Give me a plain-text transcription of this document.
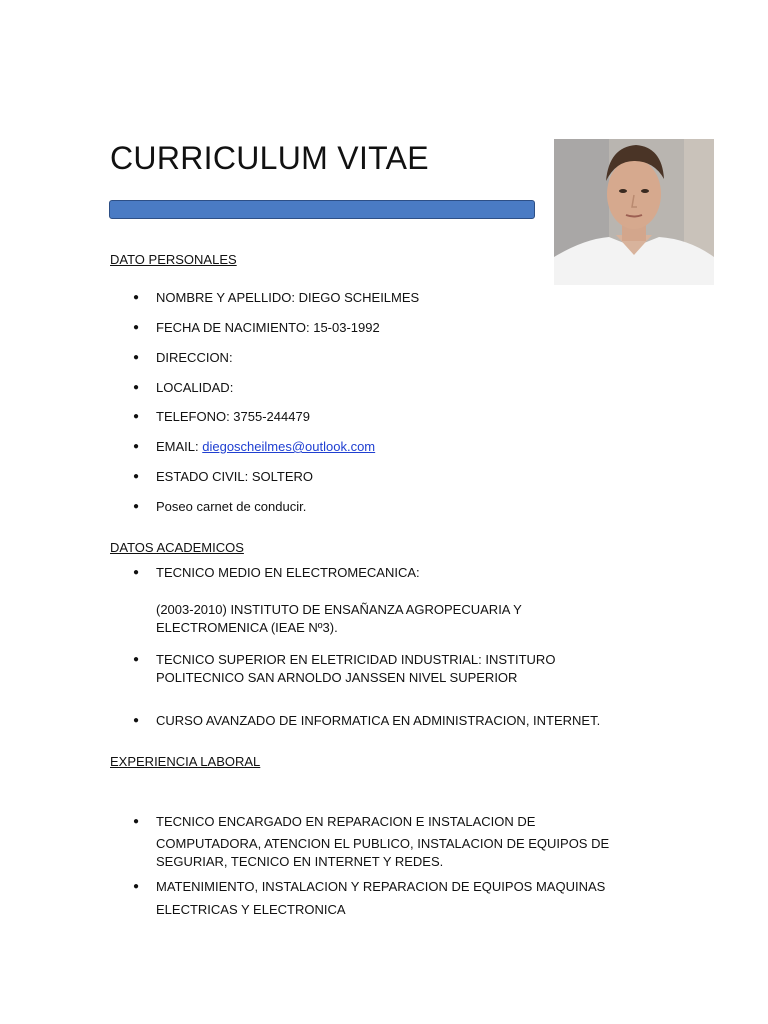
CURRICULUM VITAE

DATO PERSONALES

● NOMBRE Y APELLIDO: DIEGO SCHEILMES
● FECHA DE NACIMIENTO: 15-03-1992
● DIRECCION:
● LOCALIDAD:
● TELEFONO: 3755-244479
● EMAIL: diegoscheilmes@outlook.com
● ESTADO CIVIL: SOLTERO
● Poseo carnet de conducir.

DATOS ACADEMICOS

● TECNICO MEDIO EN ELECTROMECANICA:
(2003-2010) INSTITUTO DE ENSAÑANZA AGROPECUARIA Y
ELECTROMENICA (IEAE Nº3).
● TECNICO SUPERIOR EN ELETRICIDAD INDUSTRIAL: INSTITURO
POLITECNICO SAN ARNOLDO JANSSEN NIVEL SUPERIOR
● CURSO AVANZADO DE INFORMATICA EN ADMINISTRACION, INTERNET.

EXPERIENCIA LABORAL

● TECNICO ENCARGADO EN REPARACION E INSTALACION DE
COMPUTADORA, ATENCION EL PUBLICO, INSTALACION DE EQUIPOS DE
SEGURIAR, TECNICO EN INTERNET Y REDES.
● MATENIMIENTO, INSTALACION Y REPARACION DE EQUIPOS MAQUINAS
ELECTRICAS Y ELECTRONICA
